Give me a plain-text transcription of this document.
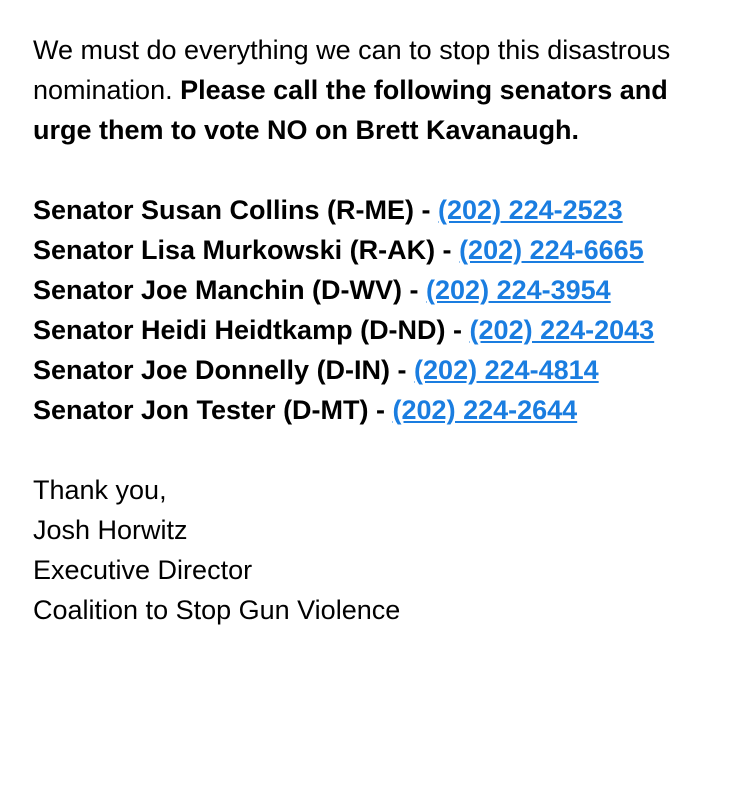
We must do everything we can to stop this disastrous nomination. Please call the following senators and urge them to vote NO on Brett Kavanaugh.

Senator Susan Collins (R-ME) - (202) 224-2523

Senator Lisa Murkowski (R-AK) - (202) 224-6665

Senator Joe Manchin (D-WV) - (202) 224-3954

Senator Heidi Heidtkamp (D-ND) - (202) 224-2043

Senator Joe Donnelly (D-IN) - (202) 224-4814

Senator Jon Tester (D-MT) - (202) 224-2644

Thank you,
Josh Horwitz
Executive Director
Coalition to Stop Gun Violence
